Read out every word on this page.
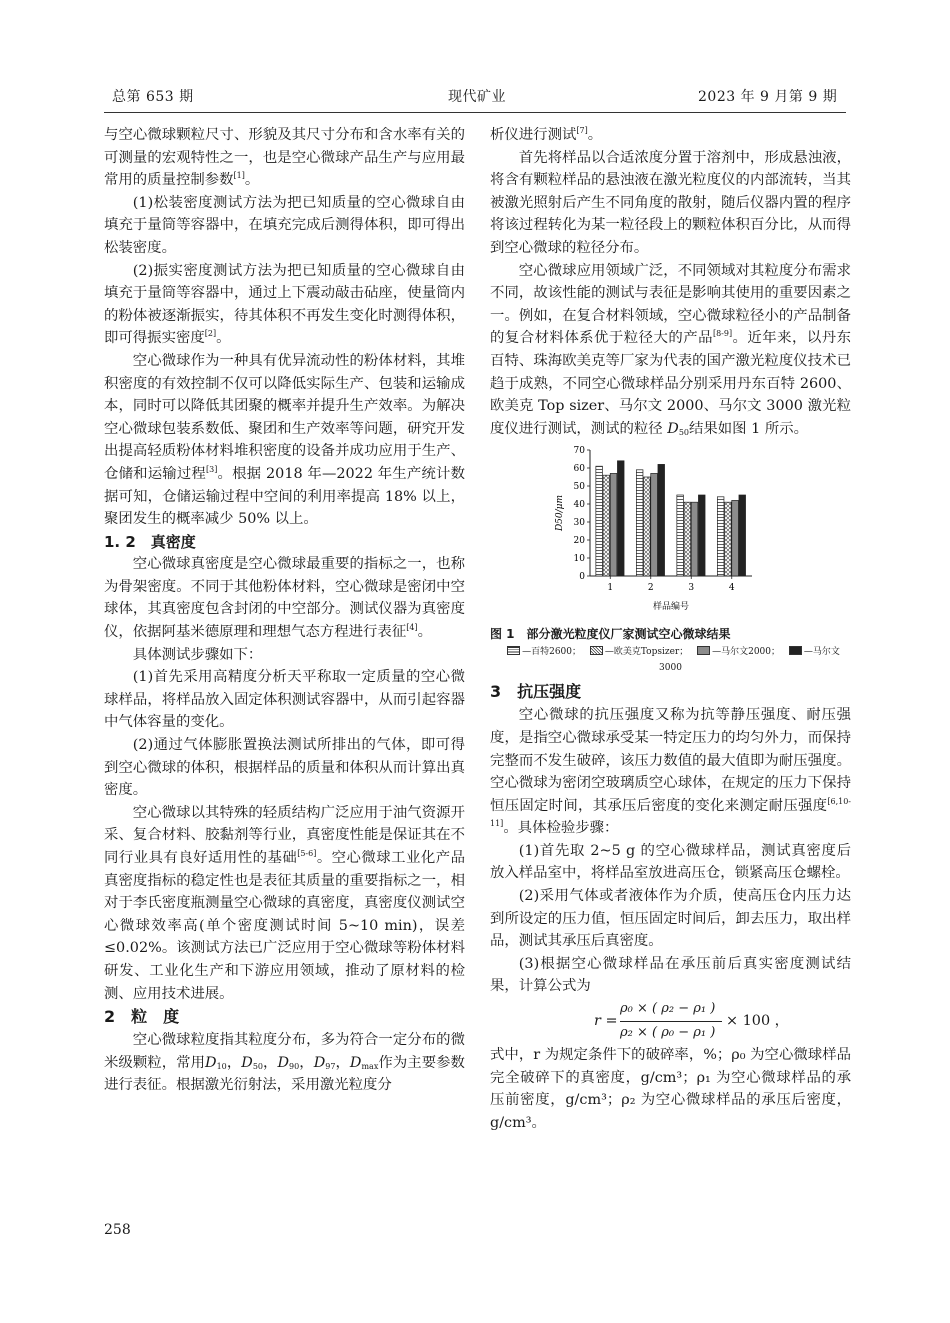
总第 653 期	现代矿业	2023 年 9 月第 9 期

与空心微球颗粒尺寸、形貌及其尺寸分布和含水率有关的可测量的宏观特性之一，也是空心微球产品生产与应用最常用的质量控制参数[1]。

(1)松装密度测试方法为把已知质量的空心微球自由填充于量筒等容器中，在填充完成后测得体积，即可得出松装密度。

(2)振实密度测试方法为把已知质量的空心微球自由填充于量筒等容器中，通过上下震动敲击砧座，使量筒内的粉体被逐渐振实，待其体积不再发生变化时测得体积，即可得振实密度[2]。

空心微球作为一种具有优异流动性的粉体材料，其堆积密度的有效控制不仅可以降低实际生产、包装和运输成本，同时可以降低其团聚的概率并提升生产效率。为解决空心微球包装系数低、聚团和生产效率等问题，研究开发出提高轻质粉体材料堆积密度的设备并成功应用于生产、仓储和运输过程[3]。根据 2018 年—2022 年生产统计数据可知，仓储运输过程中空间的利用率提高 18% 以上，聚团发生的概率减少 50% 以上。

1. 2　真密度

空心微球真密度是空心微球最重要的指标之一，也称为骨架密度。不同于其他粉体材料，空心微球是密闭中空球体，其真密度包含封闭的中空部分。测试仪器为真密度仪，依据阿基米德原理和理想气态方程进行表征[4]。

具体测试步骤如下：

(1)首先采用高精度分析天平称取一定质量的空心微球样品，将样品放入固定体积测试容器中，从而引起容器中气体容量的变化。

(2)通过气体膨胀置换法测试所排出的气体，即可得到空心微球的体积，根据样品的质量和体积从而计算出真密度。

空心微球以其特殊的轻质结构广泛应用于油气资源开采、复合材料、胶黏剂等行业，真密度性能是保证其在不同行业具有良好适用性的基础[5-6]。空心微球工业化产品真密度指标的稳定性也是表征其质量的重要指标之一，相对于李氏密度瓶测量空心微球的真密度，真密度仪测试空心微球效率高(单个密度测试时间 5~10 min)，误差≤0.02%。该测试方法已广泛应用于空心微球等粉体材料研发、工业化生产和下游应用领域，推动了原材料的检测、应用技术进展。

2　粒　度

空心微球粒度指其粒度分布，多为符合一定分布的微米级颗粒，常用$D_{10}$，$D_{50}$，$D_{90}$，$D_{97}$，$D_{max}$作为主要参数进行表征。根据激光衍射法，采用激光粒度分

析仪进行测试[7]。

首先将样品以合适浓度分置于溶剂中，形成悬浊液，将含有颗粒样品的悬浊液在激光粒度仪的内部流转，当其被激光照射后产生不同角度的散射，随后仪器内置的程序将该过程转化为某一粒径段上的颗粒体积百分比，从而得到空心微球的粒径分布。

空心微球应用领域广泛，不同领域对其粒度分布需求不同，故该性能的测试与表征是影响其使用的重要因素之一。例如，在复合材料领域，空心微球粒径小的产品制备的复合材料体系优于粒径大的产品[8-9]。近年来，以丹东百特、珠海欧美克等厂家为代表的国产激光粒度仪技术已趋于成熟，不同空心微球样品分别采用丹东百特 2600、欧美克 Top sizer、马尔文 2000、马尔文 3000 激光粒度仪进行测试，测试的粒径 $D_{50}$结果如图 1 所示。

0
10
20
30
40
50
60
70
D50/μm
1	2	3	4
样品编号

图 1　部分激光粒度仪厂家测试空心微球结果

—百特2600；	—欧美克Topsizer；	—马尔文2000；	—马尔文3000

3　抗压强度

空心微球的抗压强度又称为抗等静压强度、耐压强度，是指空心微球承受某一特定压力的均匀外力，而保持完整而不发生破碎，该压力数值的最大值即为耐压强度。空心微球为密闭空玻璃质空心球体，在规定的压力下保持恒压固定时间，其承压后密度的变化来测定耐压强度[6,10-11]。具体检验步骤：

(1)首先取 2~5 g 的空心微球样品，测试真密度后放入样品室中，将样品室放进高压仓，锁紧高压仓螺栓。

(2)采用气体或者液体作为介质，使高压仓内压力达到所设定的压力值，恒压固定时间后，卸去压力，取出样品，测试其承压后真密度。

(3)根据空心微球样品在承压前后真实密度测试结果，计算公式为

r =
ρ₀ × ( ρ₂ − ρ₁ )
ρ₂ × ( ρ₀ − ρ₁ )
× 100 ，

式中，r 为规定条件下的破碎率，%；ρ₀ 为空心微球样品完全破碎下的真密度，g/cm³；ρ₁ 为空心微球样品的承压前密度，g/cm³；ρ₂ 为空心微球样品的承压后密度，g/cm³。

258
